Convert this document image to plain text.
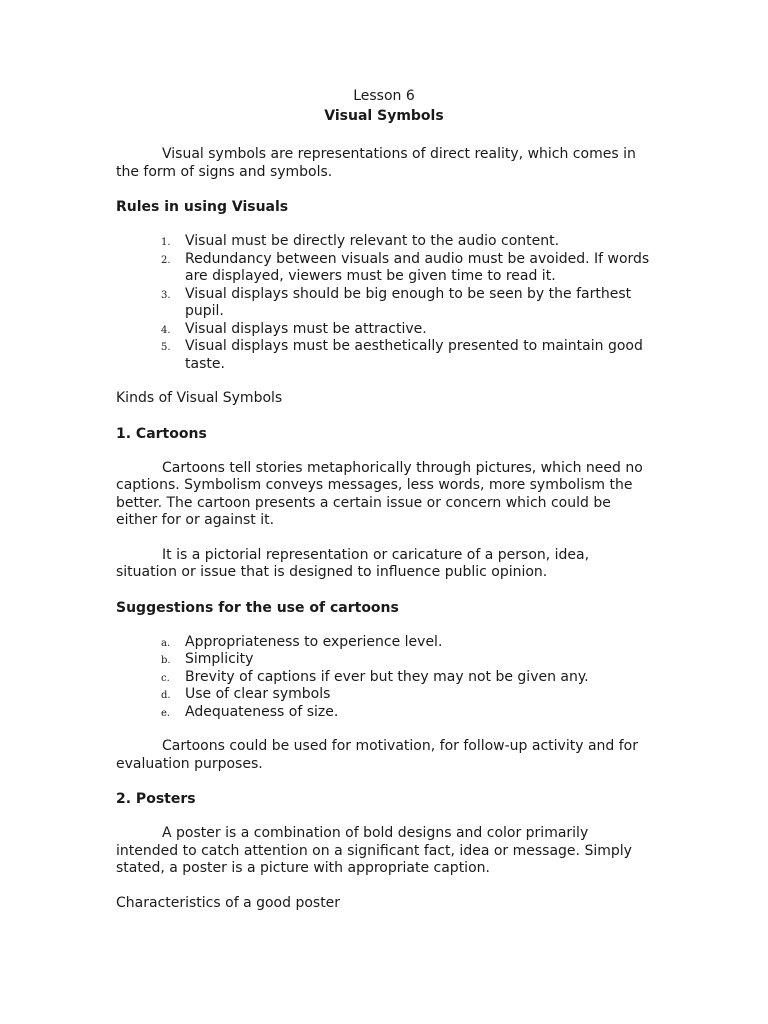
Lesson 6

Visual Symbols

Visual symbols are representations of direct reality, which comes in the form of signs and symbols.

Rules in using Visuals
1. Visual must be directly relevant to the audio content.
2. Redundancy between visuals and audio must be avoided. If words are displayed, viewers must be given time to read it.
3. Visual displays should be big enough to be seen by the farthest pupil.
4. Visual displays must be attractive.
5. Visual displays must be aesthetically presented to maintain good taste.

Kinds of Visual Symbols

1. Cartoons

Cartoons tell stories metaphorically through pictures, which need no captions. Symbolism conveys messages, less words, more symbolism the better. The cartoon presents a certain issue or concern which could be either for or against it.

It is a pictorial representation or caricature of a person, idea, situation or issue that is designed to influence public opinion.

Suggestions for the use of cartoons
a. Appropriateness to experience level.
b. Simplicity
c. Brevity of captions if ever but they may not be given any.
d. Use of clear symbols
e. Adequateness of size.

Cartoons could be used for motivation, for follow-up activity and for evaluation purposes.

2. Posters

A poster is a combination of bold designs and color primarily intended to catch attention on a significant fact, idea or message. Simply stated, a poster is a picture with appropriate caption.

Characteristics of a good poster
